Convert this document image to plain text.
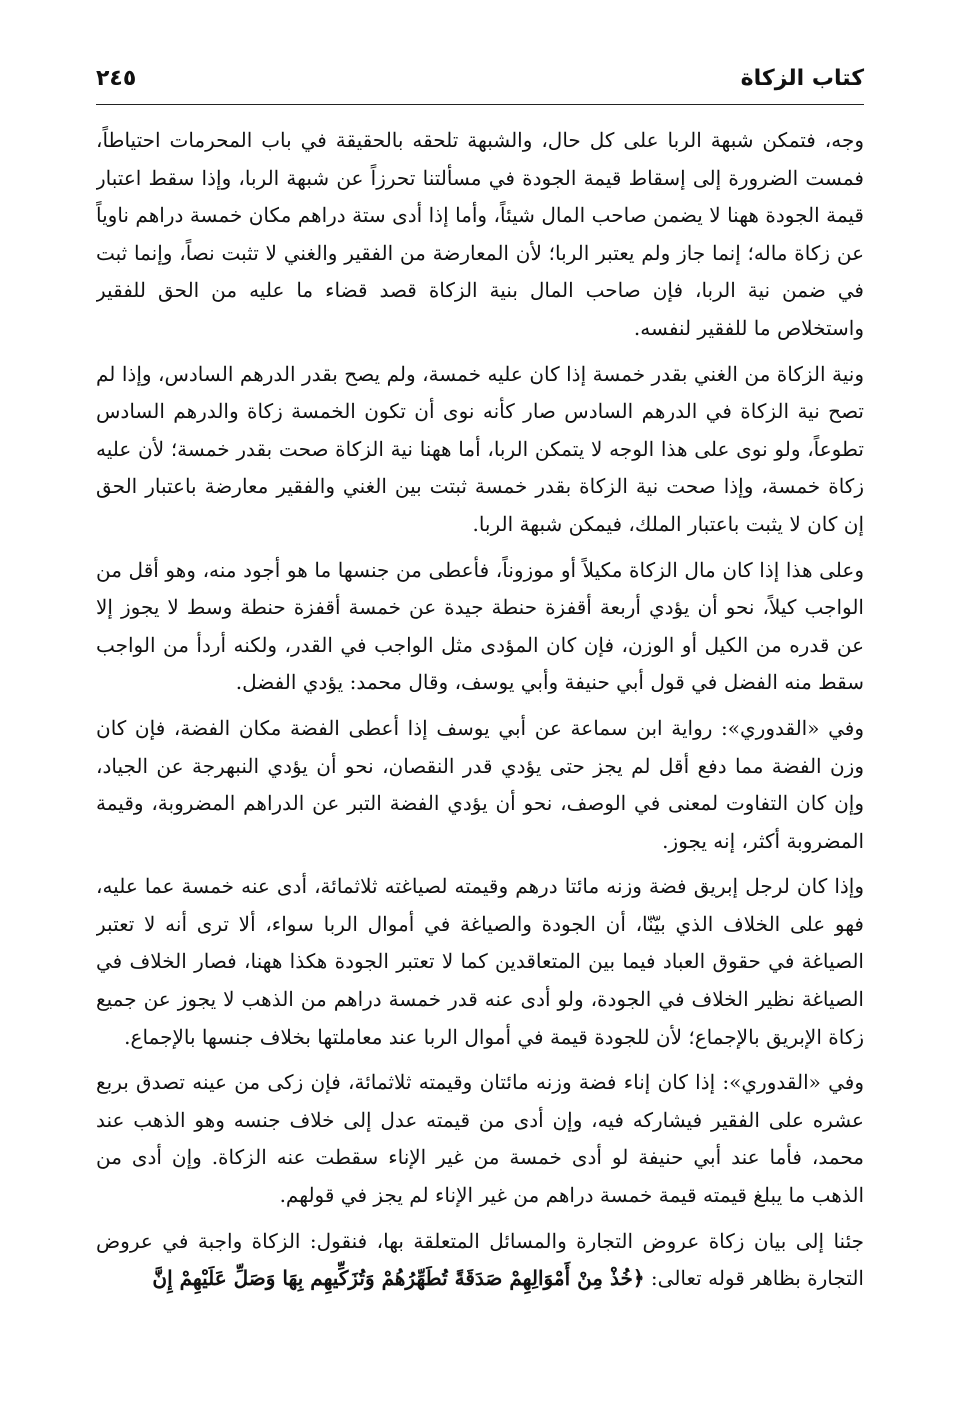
كتاب الزكاة
٢٤٥

وجه، فتمكن شبهة الربا على كل حال، والشبهة تلحقه بالحقيقة في باب المحرمات احتياطاً، فمست الضرورة إلى إسقاط قيمة الجودة في مسألتنا تحرزاً عن شبهة الربا، وإذا سقط اعتبار قيمة الجودة ههنا لا يضمن صاحب المال شيئاً، وأما إذا أدى ستة دراهم مكان خمسة دراهم ناوياً عن زكاة ماله؛ إنما جاز ولم يعتبر الربا؛ لأن المعارضة من الفقير والغني لا تثبت نصاً، وإنما ثبت في ضمن نية الربا، فإن صاحب المال بنية الزكاة قصد قضاء ما عليه من الحق للفقير واستخلاص ما للفقير لنفسه.

ونية الزكاة من الغني بقدر خمسة إذا كان عليه خمسة، ولم يصح بقدر الدرهم السادس، وإذا لم تصح نية الزكاة في الدرهم السادس صار كأنه نوى أن تكون الخمسة زكاة والدرهم السادس تطوعاً، ولو نوى على هذا الوجه لا يتمكن الربا، أما ههنا نية الزكاة صحت بقدر خمسة؛ لأن عليه زكاة خمسة، وإذا صحت نية الزكاة بقدر خمسة ثبتت بين الغني والفقير معارضة باعتبار الحق إن كان لا يثبت باعتبار الملك، فيمكن شبهة الربا.

وعلى هذا إذا كان مال الزكاة مكيلاً أو موزوناً، فأعطى من جنسها ما هو أجود منه، وهو أقل من الواجب كيلاً، نحو أن يؤدي أربعة أقفزة حنطة جيدة عن خمسة أقفزة حنطة وسط لا يجوز إلا عن قدره من الكيل أو الوزن، فإن كان المؤدى مثل الواجب في القدر، ولكنه أردأ من الواجب سقط منه الفضل في قول أبي حنيفة وأبي يوسف، وقال محمد: يؤدي الفضل.

وفي «القدوري»: رواية ابن سماعة عن أبي يوسف إذا أعطى الفضة مكان الفضة، فإن كان وزن الفضة مما دفع أقل لم يجز حتى يؤدي قدر النقصان، نحو أن يؤدي النبهرجة عن الجياد، وإن كان التفاوت لمعنى في الوصف، نحو أن يؤدي الفضة التبر عن الدراهم المضروبة، وقيمة المضروبة أكثر، إنه يجوز.

وإذا كان لرجل إبريق فضة وزنه مائتا درهم وقيمته لصياغته ثلاثمائة، أدى عنه خمسة عما عليه، فهو على الخلاف الذي بيّنّا، أن الجودة والصياغة في أموال الربا سواء، ألا ترى أنه لا تعتبر الصياغة في حقوق العباد فيما بين المتعاقدين كما لا تعتبر الجودة هكذا ههنا، فصار الخلاف في الصياغة نظير الخلاف في الجودة، ولو أدى عنه قدر خمسة دراهم من الذهب لا يجوز عن جميع زكاة الإبريق بالإجماع؛ لأن للجودة قيمة في أموال الربا عند معاملتها بخلاف جنسها بالإجماع.

وفي «القدوري»: إذا كان إناء فضة وزنه مائتان وقيمته ثلاثمائة، فإن زكى من عينه تصدق بربع عشره على الفقير فيشاركه فيه، وإن أدى من قيمته عدل إلى خلاف جنسه وهو الذهب عند محمد، فأما عند أبي حنيفة لو أدى خمسة من غير الإناء سقطت عنه الزكاة. وإن أدى من الذهب ما يبلغ قيمته قيمة خمسة دراهم من غير الإناء لم يجز في قولهم.

جئنا إلى بيان زكاة عروض التجارة والمسائل المتعلقة بها، فنقول: الزكاة واجبة في عروض التجارة بظاهر قوله تعالى: ﴿ خُذْ مِنْ أَمْوَالِهِمْ صَدَقَةً تُطَهِّرُهُمْ وَتُزَكِّيهِم بِهَا وَصَلِّ عَلَيْهِمْ إِنَّ
